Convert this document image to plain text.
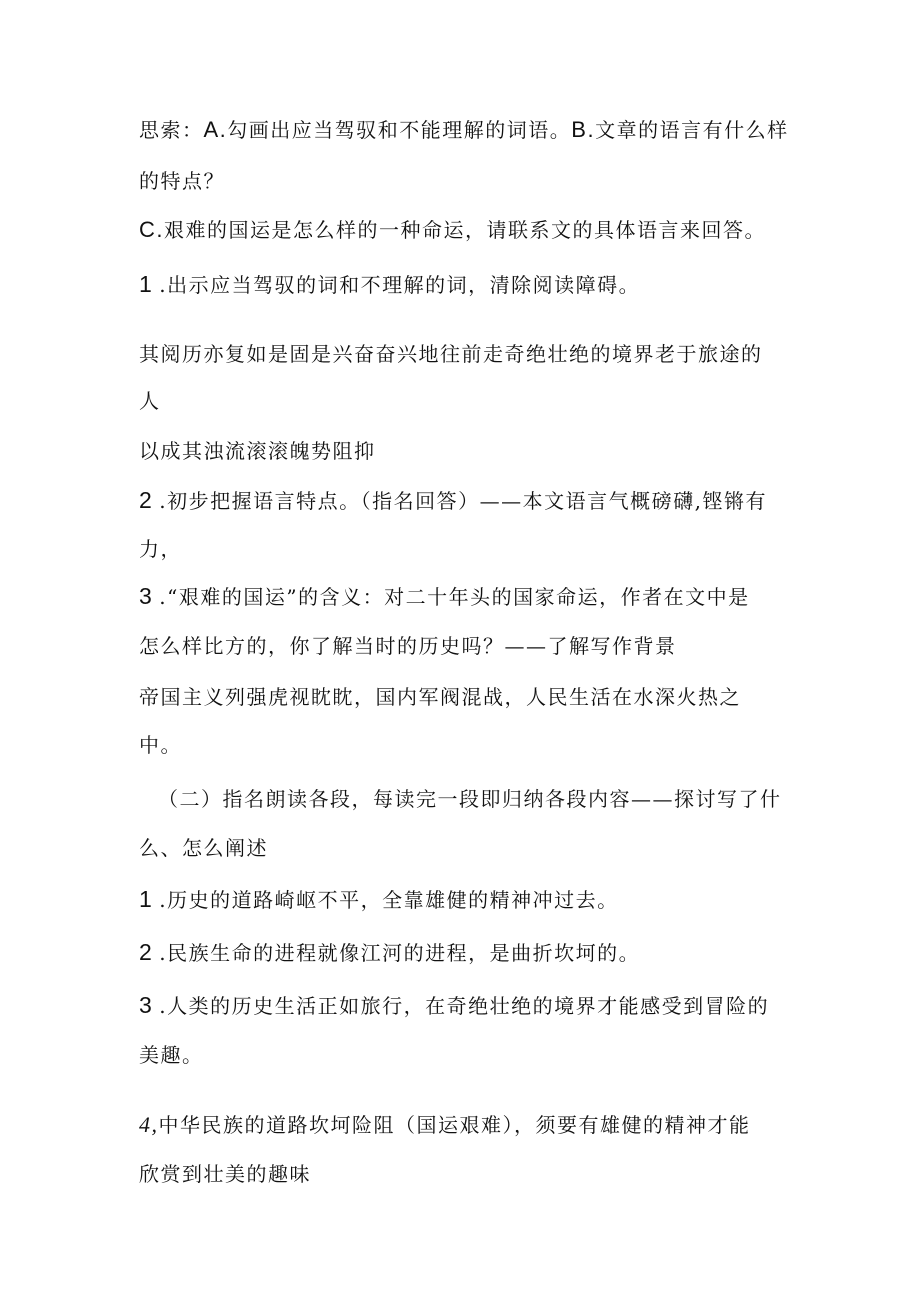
思索：A.勾画出应当驾驭和不能理解的词语。B.文章的语言有什么样
的特点？
C.艰难的国运是怎么样的一种命运，请联系文的具体语言来回答。
1 .出示应当驾驭的词和不理解的词，清除阅读障碍。
其阅历亦复如是固是兴奋奋兴地往前走奇绝壮绝的境界老于旅途的
人
以成其浊流滚滚魄势阻抑
2 .初步把握语言特点。（指名回答）——本文语言气概磅礴,铿锵有
力，
3 .“艰难的国运”的含义：对二十年头的国家命运，作者在文中是
怎么样比方的，你了解当时的历史吗？——了解写作背景
帝国主义列强虎视眈眈，国内军阀混战，人民生活在水深火热之
中。
（二）指名朗读各段，每读完一段即归纳各段内容——探讨写了什
么、怎么阐述
1 .历史的道路崎岖不平，全靠雄健的精神冲过去。
2 .民族生命的进程就像江河的进程，是曲折坎坷的。
3 .人类的历史生活正如旅行，在奇绝壮绝的境界才能感受到冒险的
美趣。
4,中华民族的道路坎坷险阻（国运艰难），须要有雄健的精神才能
欣赏到壮美的趣味
